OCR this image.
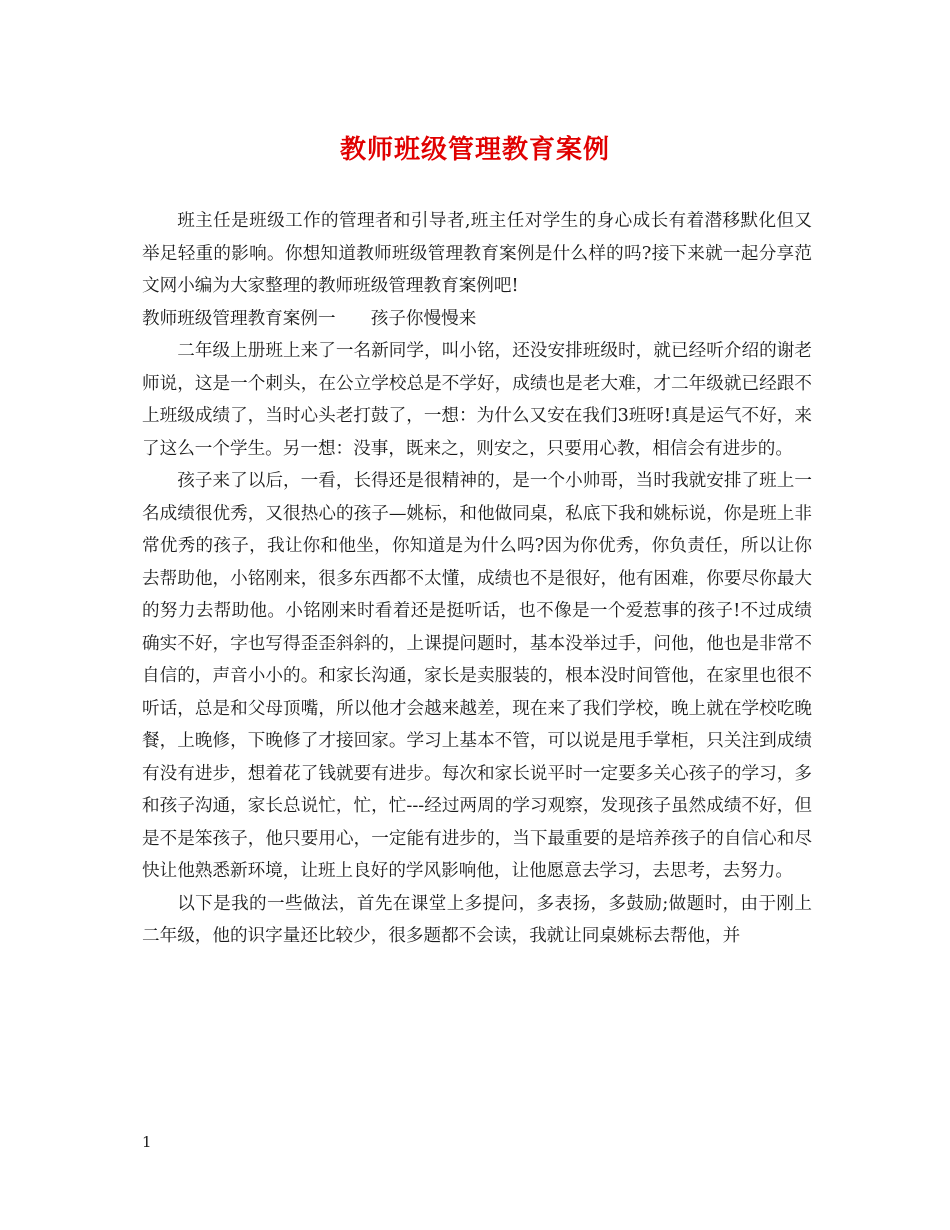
教师班级管理教育案例

班主任是班级工作的管理者和引导者,班主任对学生的身心成长有着潜移默化但又举足轻重的影响。你想知道教师班级管理教育案例是什么样的吗?接下来就一起分享范文网小编为大家整理的教师班级管理教育案例吧!

教师班级管理教育案例一　　孩子你慢慢来

二年级上册班上来了一名新同学，叫小铭，还没安排班级时，就已经听介绍的谢老师说，这是一个刺头，在公立学校总是不学好，成绩也是老大难，才二年级就已经跟不上班级成绩了，当时心头老打鼓了，一想：为什么又安在我们3班呀!真是运气不好，来了这么一个学生。另一想：没事，既来之，则安之，只要用心教，相信会有进步的。

孩子来了以后，一看，长得还是很精神的，是一个小帅哥，当时我就安排了班上一名成绩很优秀，又很热心的孩子—姚标，和他做同桌，私底下我和姚标说，你是班上非常优秀的孩子，我让你和他坐，你知道是为什么吗?因为你优秀，你负责任，所以让你去帮助他，小铭刚来，很多东西都不太懂，成绩也不是很好，他有困难，你要尽你最大的努力去帮助他。小铭刚来时看着还是挺听话，也不像是一个爱惹事的孩子!不过成绩确实不好，字也写得歪歪斜斜的，上课提问题时，基本没举过手，问他，他也是非常不自信的，声音小小的。和家长沟通，家长是卖服装的，根本没时间管他，在家里也很不听话，总是和父母顶嘴，所以他才会越来越差，现在来了我们学校，晚上就在学校吃晚餐，上晚修，下晚修了才接回家。学习上基本不管，可以说是甩手掌柜，只关注到成绩有没有进步，想着花了钱就要有进步。每次和家长说平时一定要多关心孩子的学习，多和孩子沟通，家长总说忙，忙，忙---经过两周的学习观察，发现孩子虽然成绩不好，但是不是笨孩子，他只要用心，一定能有进步的，当下最重要的是培养孩子的自信心和尽快让他熟悉新环境，让班上良好的学风影响他，让他愿意去学习，去思考，去努力。

以下是我的一些做法，首先在课堂上多提问，多表扬，多鼓励;做题时，由于刚上二年级，他的识字量还比较少，很多题都不会读，我就让同桌姚标去帮他，并

1
